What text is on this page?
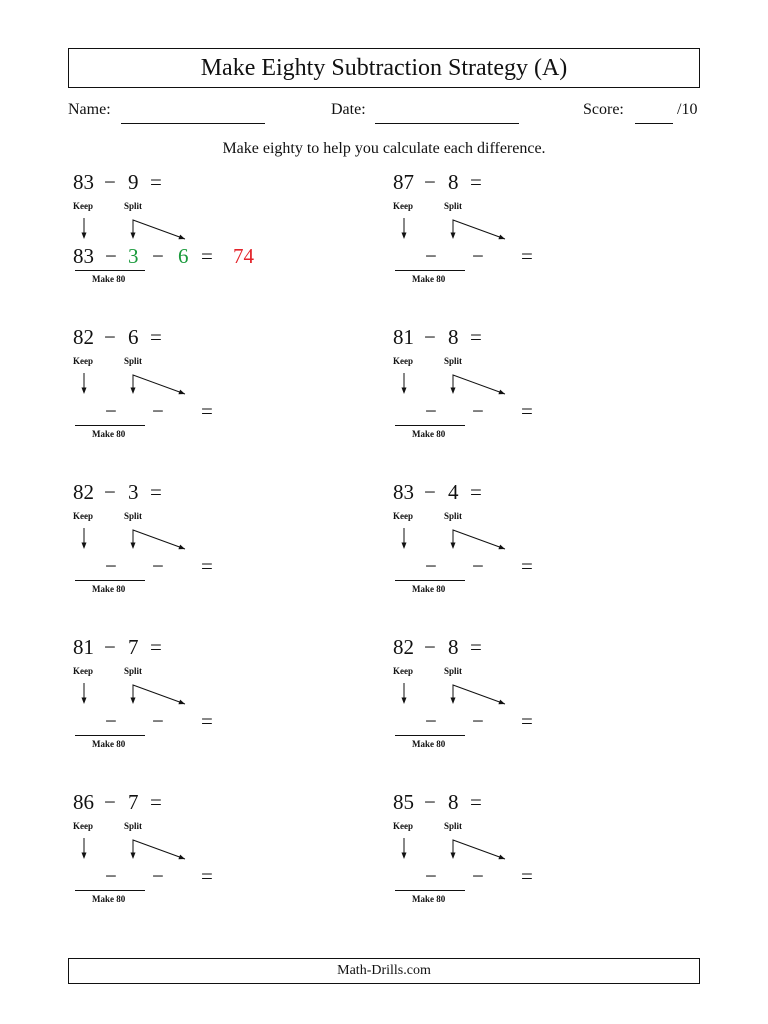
Make Eighty Subtraction Strategy (A)
Name:	Date:	Score:	/10
Make eighty to help you calculate each difference.
83 − 9 =
Keep	Split
83 − 3 − 6 = 74
Make 80
87 − 8 =
Keep	Split
− − =
Make 80
82 − 6 =
Keep	Split
− − =
Make 80
81 − 8 =
Keep	Split
− − =
Make 80
82 − 3 =
Keep	Split
− − =
Make 80
83 − 4 =
Keep	Split
− − =
Make 80
81 − 7 =
Keep	Split
− − =
Make 80
82 − 8 =
Keep	Split
− − =
Make 80
86 − 7 =
Keep	Split
− − =
Make 80
85 − 8 =
Keep	Split
− − =
Make 80
Math-Drills.com
